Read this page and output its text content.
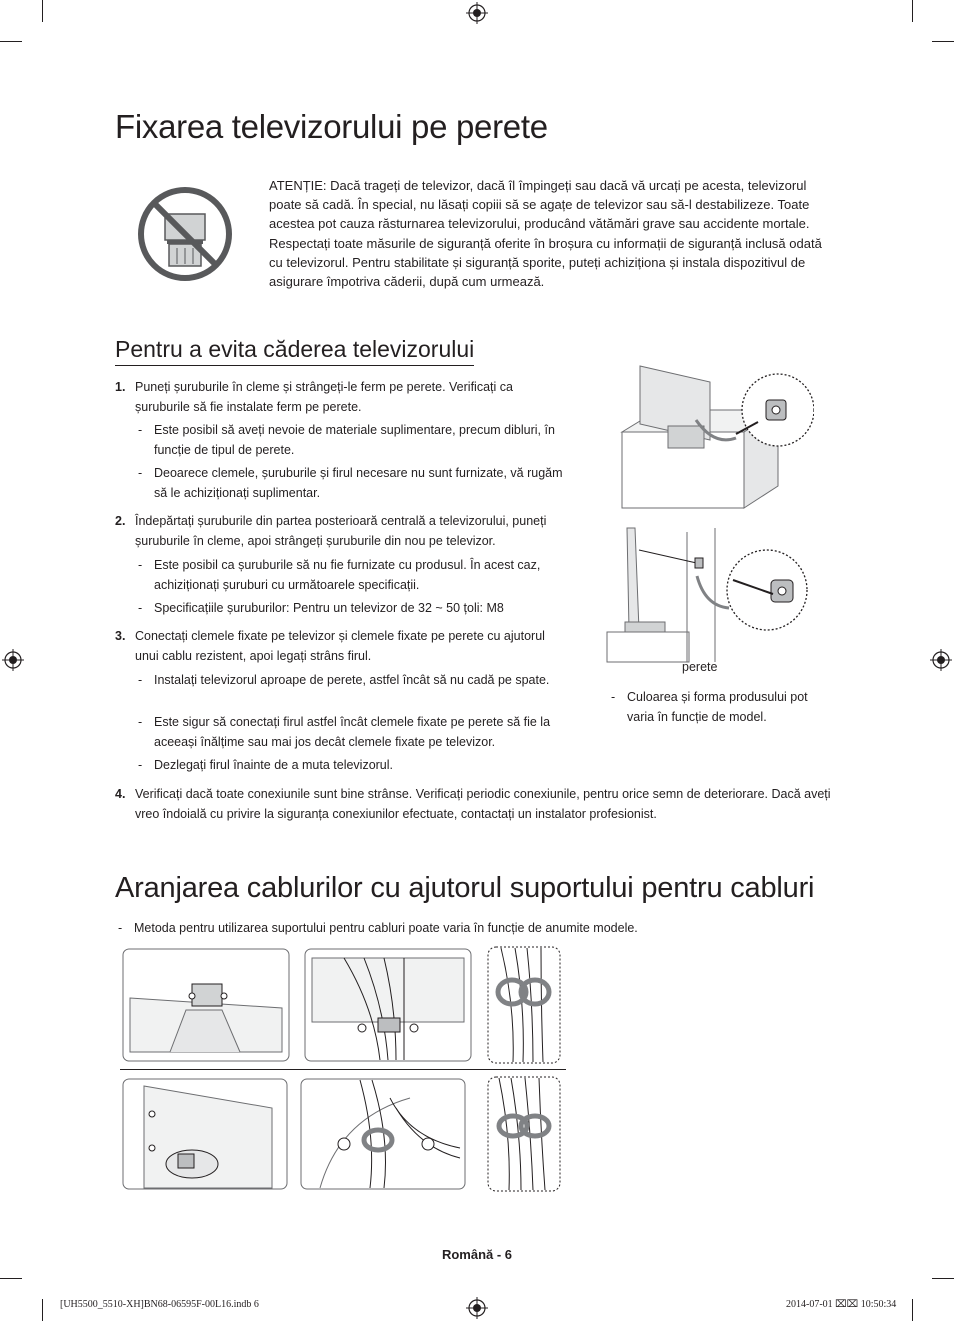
Fixarea televizorului pe perete
ATENȚIE: Dacă trageți de televizor, dacă îl împingeți sau dacă vă urcați pe acesta, televizorul poate să cadă. În special, nu lăsați copiii să se agațe de televizor sau să-l destabilizeze. Toate acestea pot cauza răsturnarea televizorului, producând vătămări grave sau accidente mortale. Respectați toate măsurile de siguranță oferite în broșura cu informații de siguranță inclusă odată cu televizorul. Pentru stabilitate și siguranță sporite, puteți achiziționa și instala dispozitivul de asigurare împotriva căderii, după cum urmează.
Pentru a evita căderea televizorului
1. Puneți șuruburile în cleme și strângeți-le ferm pe perete. Verificați ca șuruburile să fie instalate ferm pe perete.
- Este posibil să aveți nevoie de materiale suplimentare, precum dibluri, în funcție de tipul de perete.
- Deoarece clemele, șuruburile și firul necesare nu sunt furnizate, vă rugăm să le achiziționați suplimentar.
2. Îndepărtați șuruburile din partea posterioară centrală a televizorului, puneți șuruburile în cleme, apoi strângeți șuruburile din nou pe televizor.
- Este posibil ca șuruburile să nu fie furnizate cu produsul. În acest caz, achiziționați șuruburi cu următoarele specificații.
- Specificațiile șuruburilor: Pentru un televizor de 32 ~ 50 țoli: M8
3. Conectați clemele fixate pe televizor și clemele fixate pe perete cu ajutorul unui cablu rezistent, apoi legați strâns firul.
- Instalați televizorul aproape de perete, astfel încât să nu cadă pe spate.
- Este sigur să conectați firul astfel încât clemele fixate pe perete să fie la aceeași înălțime sau mai jos decât clemele fixate pe televizor.
- Dezlegați firul înainte de a muta televizorul.
4. Verificați dacă toate conexiunile sunt bine strânse. Verificați periodic conexiunile, pentru orice semn de deteriorare. Dacă aveți vreo îndoială cu privire la siguranța conexiunilor efectuate, contactați un instalator profesionist.
perete
- Culoarea și forma produsului pot varia în funcție de model.
Aranjarea cablurilor cu ajutorul suportului pentru cabluri
- Metoda pentru utilizarea suportului pentru cabluri poate varia în funcție de anumite modele.
Română - 6
[UH5500_5510-XH]BN68-06595F-00L16.indb 6	2014-07-01 ⌧⌧ 10:50:34
